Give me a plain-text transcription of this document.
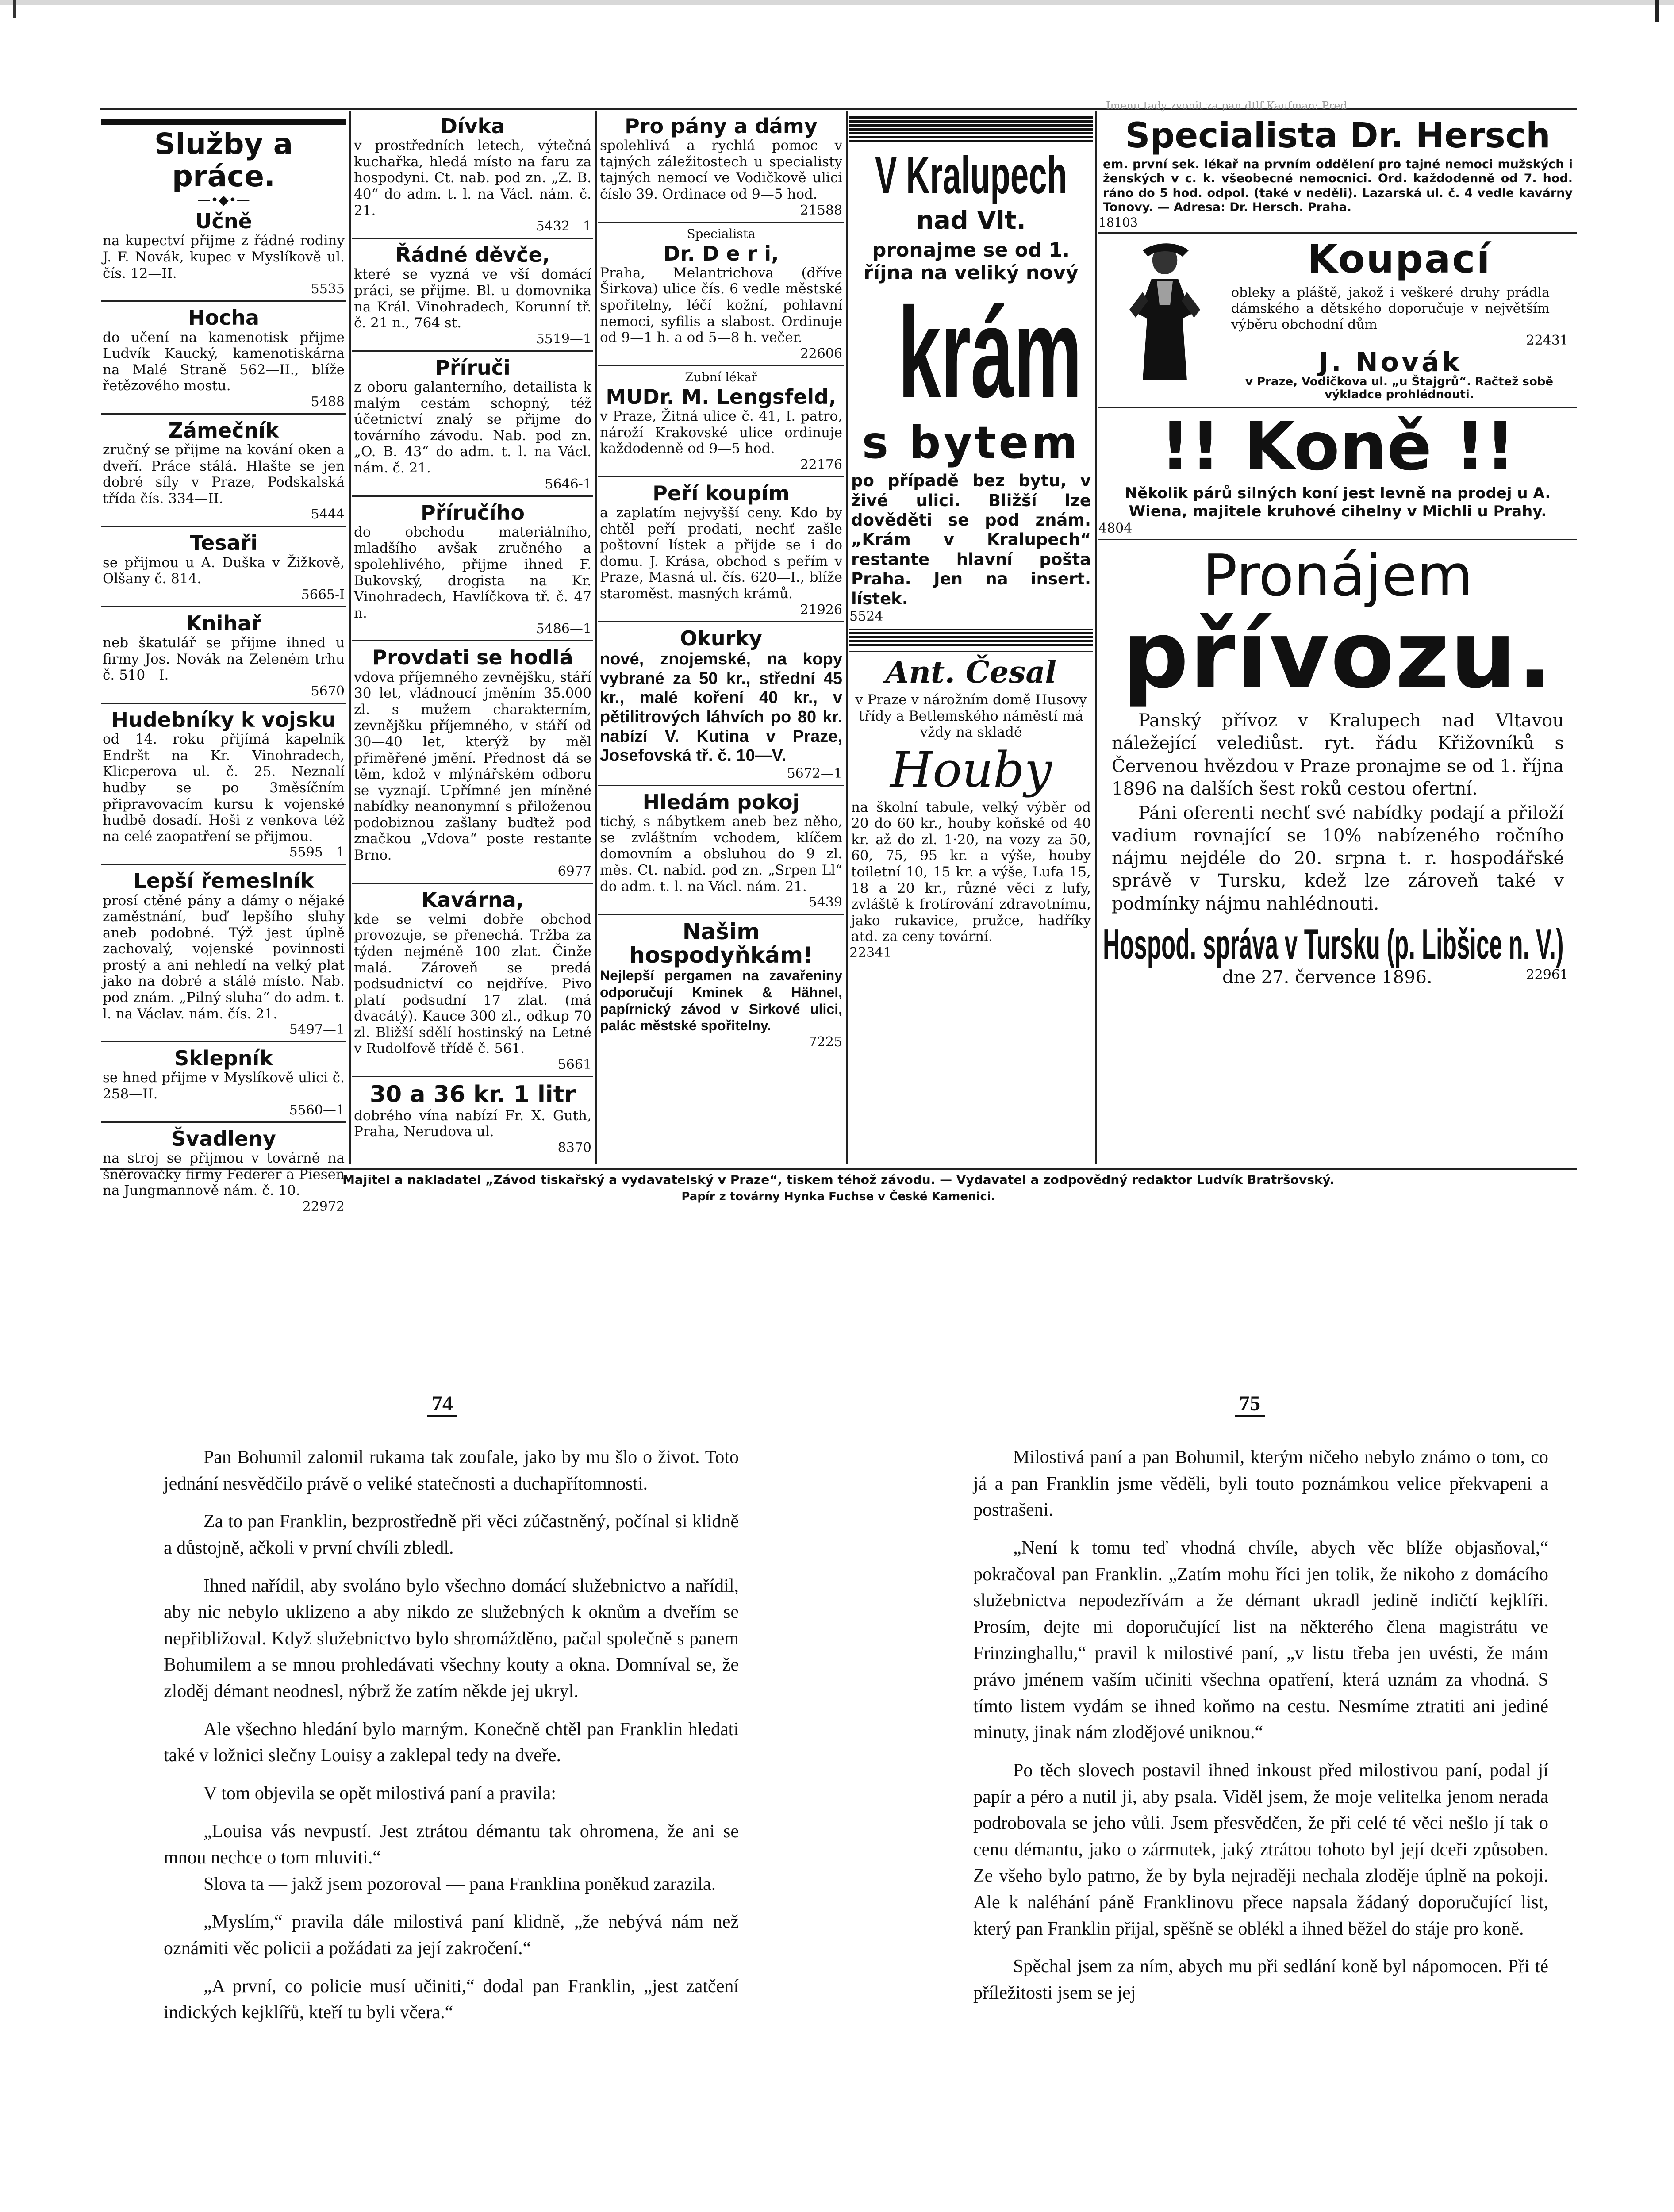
Imenu tady zvonit za pan dtlf Kaufman: Pred
Služby a práce.
—•◆•—
Učně

na kupectví přijme z řádné rodiny J. F. Novák, kupec v Myslíkově ul. čís. 12—II.

5535
Hocha

do učení na kamenotisk přijme Ludvík Kaucký, kamenotiskárna na Malé Straně 562—II., blíže řetězového mostu.

5488
Zámečník

zručný se přijme na kování oken a dveří. Práce stálá. Hlašte se jen dobré síly v Praze, Podskalská třída čís. 334—II.

5444
Tesaři

se přijmou u A. Duška v Žižkově, Olšany č. 814.

5665-I
Knihař

neb škatulář se přijme ihned u firmy Jos. Novák na Zeleném trhu č. 510—I.

5670
Hudebníky k vojsku

od 14. roku přijímá kapelník Endršt na Kr. Vinohradech, Klicperova ul. č. 25. Neznalí hudby se po 3měsíčním připravovacím kursu k vojenské hudbě dosadí. Hoši z venkova též na celé zaopatření se přijmou.

5595—1
Lepší řemeslník

prosí ctěné pány a dámy o nějaké zaměstnání, buď lepšího sluhy aneb podobné. Týž jest úplně zachovalý, vojenské povinnosti prostý a ani nehledí na velký plat jako na dobré a stálé místo. Nab. pod znám. „Pilný sluha“ do adm. t. l. na Václav. nám. čís. 21.

5497—1
Sklepník

se hned přijme v Myslíkově ulici č. 258—II.

5560—1
Švadleny

na stroj se přijmou v továrně na šněrovačky firmy Federer a Piesen na Jungmannově nám. č. 10.

22972
Dívka

v prostředních letech, výtečná kuchařka, hledá místo na faru za hospodyni. Ct. nab. pod zn. „Z. B. 40“ do adm. t. l. na Václ. nám. č. 21.

5432—1
Řádné děvče,

které se vyzná ve vší domácí práci, se přijme. Bl. u domovnika na Král. Vinohradech, Korunní tř. č. 21 n., 764 st.

5519—1
Příruči

z oboru galanterního, detailista k malým cestám schopný, též účetnictví znalý se přijme do továrního závodu. Nab. pod zn. „O. B. 43“ do adm. t. l. na Václ. nám. č. 21.

5646-1
Příručího

do obchodu materiálního, mladšího avšak zručného a spolehlivého, přijme ihned F. Bukovský, drogista na Kr. Vinohradech, Havlíčkova tř. č. 47 n.

5486—1
Provdati se hodlá

vdova příjemného zevnějšku, stáří 30 let, vládnoucí jměním 35.000 zl. s mužem charakterním, zevnějšku příjemného, v stáří od 30—40 let, kterýž by měl přiměřené jmění. Přednost dá se těm, kdož v mlýnářském odboru se vyznají. Upřímné jen míněné nabídky neanonymní s přiloženou podobiznou zašlany buďtež pod značkou „Vdova“ poste restante Brno.

6977
Kavárna,

kde se velmi dobře obchod provozuje, se přenechá. Tržba za týden nejméně 100 zlat. Činže malá. Zároveň se predá podsudnictví co nejdříve. Pivo platí podsudní 17 zlat. (má dvacátý). Kauce 300 zl., odkup 70 zl. Bližší sdělí hostinský na Letné v Rudolfově třídě č. 561.

5661
30 a 36 kr. 1 litr

dobrého vína nabízí Fr. X. Guth, Praha, Nerudova ul.

8370
Pro pány a dámy

spolehlivá a rychlá pomoc v tajných záležitostech u specialisty tajných nemocí ve Vodičkově ulici číslo 39. Ordinace od 9—5 hod.

21588
Specialista
Dr. D e r i,

Praha, Melantrichova (dříve Širkova) ulice čís. 6 vedle městské spořitelny, léčí kožní, pohlavní nemoci, syfilis a slabost. Ordinuje od 9—1 h. a od 5—8 h. večer.

22606
Zubní lékař
MUDr. M. Lengsfeld,

v Praze, Žitná ulice č. 41, I. patro, nároží Krakovské ulice ordinuje každodenně od 9—5 hod.

22176
Peří koupím

a zaplatím nejvyšší ceny. Kdo by chtěl peří prodati, nechť zašle poštovní lístek a přijde se i do domu. J. Krása, obchod s peřím v Praze, Masná ul. čís. 620—I., blíže staroměst. masných krámů.

21926
Okurky

nové, znojemské, na kopy vybrané za 50 kr., střední 45 kr., malé koření 40 kr., v pětilitrových láhvích po 80 kr. nabízí V. Kutina v Praze, Josefovská tř. č. 10—V.

5672—1
Hledám pokoj

tichý, s nábytkem aneb bez něho, se zvláštním vchodem, klíčem domovním a obsluhou do 9 zl. měs. Ct. nabíd. pod zn. „Srpen Ll“ do adm. t. l. na Václ. nám. 21.

5439
Našim hospodyňkám!

Nejlepší pergamen na zavařeniny odporučují Kminek & Hähnel, papírnický závod v Sirkové ulici, palác městské spořitelny.

7225
V Kralupech
nad Vlt.
pronajme se od 1. října na veliký nový
krám
s bytem

po případě bez bytu, v živé ulici. Bližší lze dověděti se pod znám. „Krám v Kralupech“ restante hlavní pošta Praha. Jen na insert. lístek.

5524
Ant. Česal

v Praze v nárožním domě Husovy třídy a Betlemského náměstí má vždy na skladě

Houby

na školní tabule, velký výběr od 20 do 60 kr., houby koňské od 40 kr. až do zl. 1·20, na vozy za 50, 60, 75, 95 kr. a výše, houby toiletní 10, 15 kr. a výše, Lufa 15, 18 a 20 kr., různé věci z lufy, zvláště k frotírování zdravotnímu, jako rukavice, pružce, hadříky atd. za ceny tovární.

22341
Specialista Dr. Hersch

em. první sek. lékař na prvním oddělení pro tajné nemoci mužských i ženských v c. k. všeobecné nemocnici. Ord. každodenně od 7. hod. ráno do 5 hod. odpol. (také v neděli). Lazarská ul. č. 4 vedle kavárny Tonovy. — Adresa: Dr. Hersch. Praha.

18103
Koupací

obleky a pláště, jakož i veškeré druhy prádla dámského a dětského doporučuje v největším výběru obchodní dům

22431
J. Novák

v Praze, Vodičkova ul. „u Štajgrů“. Račtež sobě výkladce prohlédnouti.

!! Koně !!

Několik párů silných koní jest levně na prodej u A. Wiena, majitele kruhové cihelny v Michli u Prahy.

4804
Pronájem
přívozu.

Panský přívoz v Kralupech nad Vltavou náležející velediůst. ryt. řádu Křižovníků s Červenou hvězdou v Praze pronajme se od 1. října 1896 na dalších šest roků cestou ofertní.

Páni oferenti nechť své nabídky podají a přiloží vadium rovnající se 10% nabízeného ročního nájmu nejdéle do 20. srpna t. r. hospodářské správě v Tursku, kdež lze zároveň také v podmínky nájmu nahlédnouti.

Hospod. správa v Tursku (p. Libšice n. V.)
dne 27. července 1896.	22961
Majitel a nakladatel „Závod tiskařský a vydavatelský v Praze“, tiskem téhož závodu. — Vydavatel a zodpovědný redaktor Ludvík Bratršovský.
Papír z továrny Hynka Fuchse v České Kamenici.
74	75

Pan Bohumil zalomil rukama tak zoufale, jako by mu šlo o život. Toto jednání nesvědčilo právě o veliké statečnosti a duchapřítomnosti.

Za to pan Franklin, bezprostředně při věci zúčastněný, počínal si klidně a důstojně, ačkoli v první chvíli zbledl.

Ihned nařídil, aby svoláno bylo všechno domácí služebnictvo a nařídil, aby nic nebylo uklizeno a aby nikdo ze služebných k oknům a dveřím se nepřibližoval. Když služebnictvo bylo shromážděno, pačal společně s panem Bohumilem a se mnou prohledávati všechny kouty a okna. Domníval se, že zloděj démant neodnesl, nýbrž že zatím někde jej ukryl.

Ale všechno hledání bylo marným. Konečně chtěl pan Franklin hledati také v ložnici slečny Louisy a zaklepal tedy na dveře.

V tom objevila se opět milostivá paní a pravila:

„Louisa vás nevpustí. Jest ztrátou démantu tak ohromena, že ani se mnou nechce o tom mluviti.“

Slova ta — jakž jsem pozoroval — pana Franklina poněkud zarazila.

„Myslím,“ pravila dále milostivá paní klidně, „že nebývá nám než oznámiti věc policii a požádati za její zakročení.“

„A první, co policie musí učiniti,“ dodal pan Franklin, „jest zatčení indických kejklířů, kteří tu byli včera.“

Milostivá paní a pan Bohumil, kterým ničeho nebylo známo o tom, co já a pan Franklin jsme věděli, byli touto poznámkou velice překvapeni a postrašeni.

„Není k tomu teď vhodná chvíle, abych věc blíže objasňoval,“ pokračoval pan Franklin. „Zatím mohu říci jen tolik, že nikoho z domácího služebnictva nepodezřívám a že démant ukradl jedině indičtí kejklíři. Prosím, dejte mi doporučující list na některého člena magistrátu ve Frinzinghallu,“ pravil k milostivé paní, „v listu třeba jen uvésti, že mám právo jménem vaším učiniti všechna opatření, která uznám za vhodná. S tímto listem vydám se ihned koňmo na cestu. Nesmíme ztratiti ani jediné minuty, jinak nám zlodějové uniknou.“

Po těch slovech postavil ihned inkoust před milostivou paní, podal jí papír a péro a nutil ji, aby psala. Viděl jsem, že moje velitelka jenom nerada podrobovala se jeho vůli. Jsem přesvědčen, že při celé té věci nešlo jí tak o cenu démantu, jako o zármutek, jaký ztrátou tohoto byl její dceři způsoben. Ze všeho bylo patrno, že by byla nejraději nechala zloděje úplně na pokoji. Ale k naléhání páně Franklinovu přece napsala žádaný doporučující list, který pan Franklin přijal, spěšně se oblékl a ihned běžel do stáje pro koně.

Spěchal jsem za ním, abych mu při sedlání koně byl nápomocen. Při té příležitosti jsem se jej
